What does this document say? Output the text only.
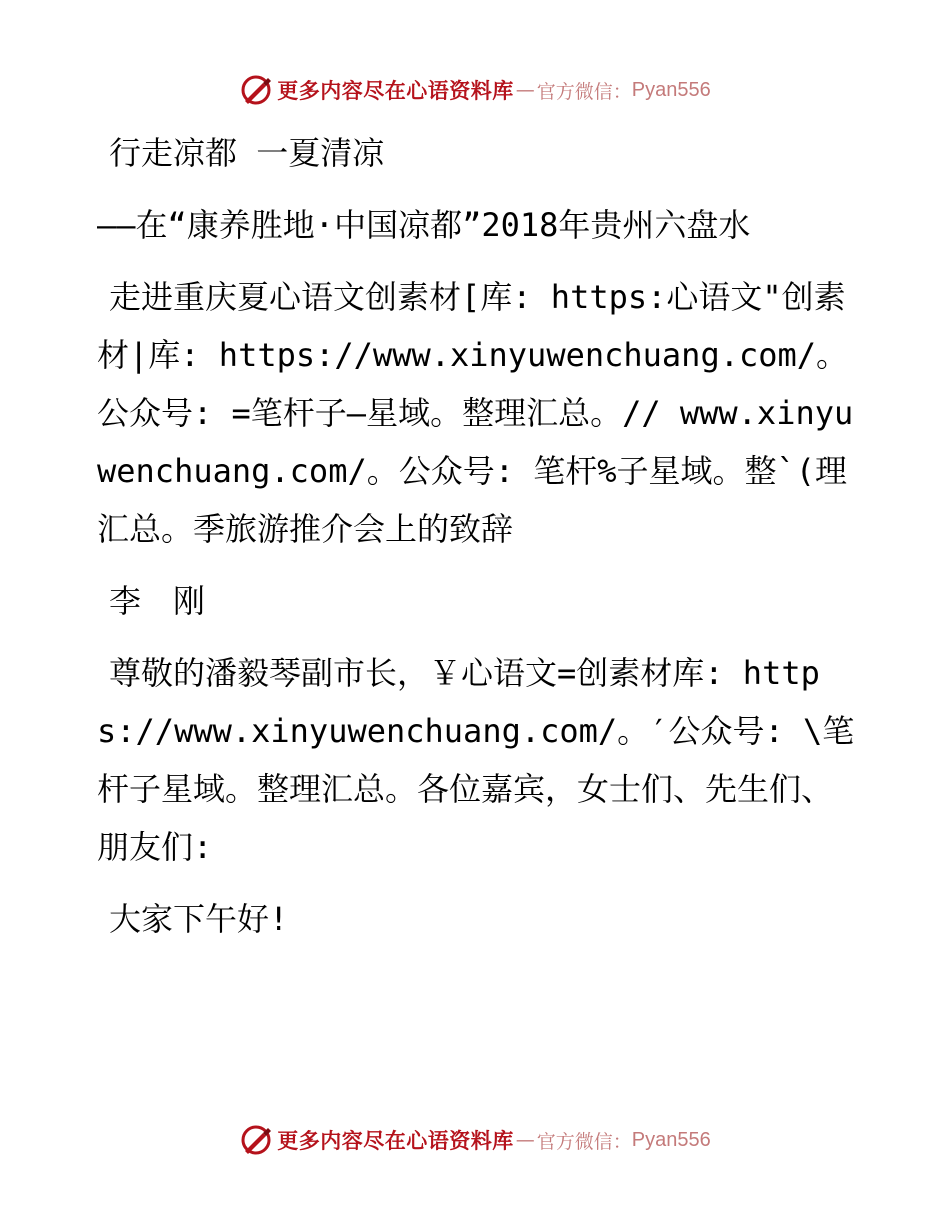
更多内容尽在心语资料库 — 官方微信： Pyan556

行走凉都 一夏清凉

——在“康养胜地·中国凉都”2018年贵州六盘水

走进重庆夏心语文创素材[库: https:心语文"创素材|库: https://www.xinyuwenchuang.com/。公众号: =笔杆子—星域。整理汇总。// www.xinyuwenchuang.com/。公众号: 笔杆%子星域。整`(理汇总。季旅游推介会上的致辞

李　刚

尊敬的潘毅琴副市长，￥心语文=创素材库: https://www.xinyuwenchuang.com/。′公众号: \笔杆子星域。整理汇总。各位嘉宾，女士们、先生们、朋友们:

大家下午好!

更多内容尽在心语资料库 — 官方微信： Pyan556
